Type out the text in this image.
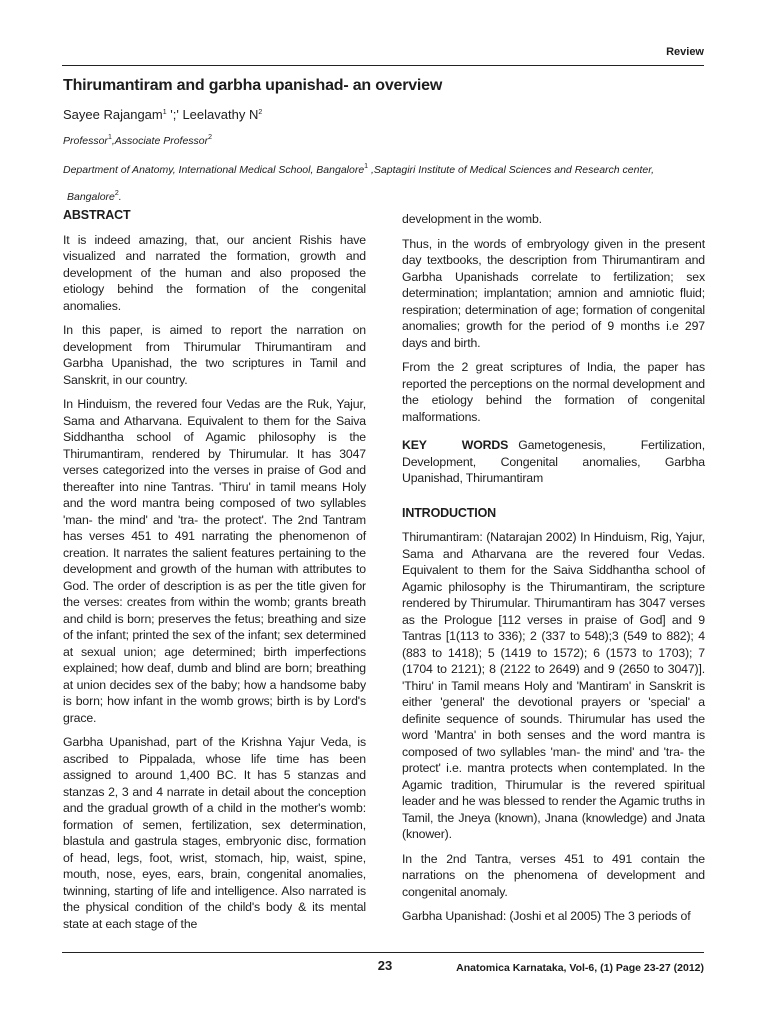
Review
Thirumantiram and garbha upanishad- an overview
Sayee Rajangam$^1$ ';' Leelavathy $N^2$
Professor$^1$,Associate Professor$^2$
Department of Anatomy, International Medical School, Bangalore$^1$ ,Saptagiri Institute of Medical Sciences and Research center,
Bangalore$^2$.
ABSTRACT

It is indeed amazing, that, our ancient Rishis have visualized and narrated the formation, growth and development of the human and also proposed the etiology behind the formation of the congenital anomalies.

In this paper, is aimed to report the narration on development from Thirumular Thirumantiram and Garbha Upanishad, the two scriptures in Tamil and Sanskrit, in our country.

In Hinduism, the revered four Vedas are the Ruk, Yajur, Sama and Atharvana. Equivalent to them for the Saiva Siddhantha school of Agamic philosophy is the Thirumantiram, rendered by Thirumular. It has 3047 verses categorized into the verses in praise of God and thereafter into nine Tantras. 'Thiru' in tamil means Holy and the word mantra being composed of two syllables 'man- the mind' and 'tra- the protect'. The 2nd Tantram has verses 451 to 491 narrating the phenomenon of creation. It narrates the salient features pertaining to the development and growth of the human with attributes to God. The order of description is as per the title given for the verses: creates from within the womb; grants breath and child is born; preserves the fetus; breathing and size of the infant; printed the sex of the infant; sex determined at sexual union; age determined; birth imperfections explained; how deaf, dumb and blind are born; breathing at union decides sex of the baby; how a handsome baby is born; how infant in the womb grows; birth is by Lord's grace.

Garbha Upanishad, part of the Krishna Yajur Veda, is ascribed to Pippalada, whose life time has been assigned to around 1,400 BC. It has 5 stanzas and stanzas 2, 3 and 4 narrate in detail about the conception and the gradual growth of a child in the mother's womb: formation of semen, fertilization, sex determination, blastula and gastrula stages, embryonic disc, formation of head, legs, foot, wrist, stomach, hip, waist, spine, mouth, nose, eyes, ears, brain, congenital anomalies, twinning, starting of life and intelligence. Also narrated is the physical condition of the child's body & its mental state at each stage of the

development in the womb.

Thus, in the words of embryology given in the present day textbooks, the description from Thirumantiram and Garbha Upanishads correlate to fertilization; sex determination; implantation; amnion and amniotic fluid; respiration; determination of age; formation of congenital anomalies; growth for the period of 9 months i.e 297 days and birth.

From the 2 great scriptures of India, the paper has reported the perceptions on the normal development and the etiology behind the formation of congenital malformations.

KEY WORDS Gametogenesis, Fertilization, Development, Congenital anomalies, Garbha Upanishad, Thirumantiram

INTRODUCTION

Thirumantiram: (Natarajan 2002) In Hinduism, Rig, Yajur, Sama and Atharvana are the revered four Vedas. Equivalent to them for the Saiva Siddhantha school of Agamic philosophy is the Thirumantiram, the scripture rendered by Thirumular. Thirumantiram has 3047 verses as the Prologue [112 verses in praise of God] and 9 Tantras [1(113 to 336); 2 (337 to 548);3 (549 to 882); 4 (883 to 1418); 5 (1419 to 1572); 6 (1573 to 1703); 7 (1704 to 2121); 8 (2122 to 2649) and 9 (2650 to 3047)]. 'Thiru' in Tamil means Holy and 'Mantiram' in Sanskrit is either 'general' the devotional prayers or 'special' a definite sequence of sounds. Thirumular has used the word 'Mantra' in both senses and the word mantra is composed of two syllables 'man- the mind' and 'tra- the protect' i.e. mantra protects when contemplated. In the Agamic tradition, Thirumular is the revered spiritual leader and he was blessed to render the Agamic truths in Tamil, the Jneya (known), Jnana (knowledge) and Jnata (knower).

In the 2nd Tantra, verses 451 to 491 contain the narrations on the phenomena of development and congenital anomaly.

Garbha Upanishad: (Joshi et al 2005) The 3 periods of

23	Anatomica Karnataka, Vol-6, (1) Page 23-27 (2012)
